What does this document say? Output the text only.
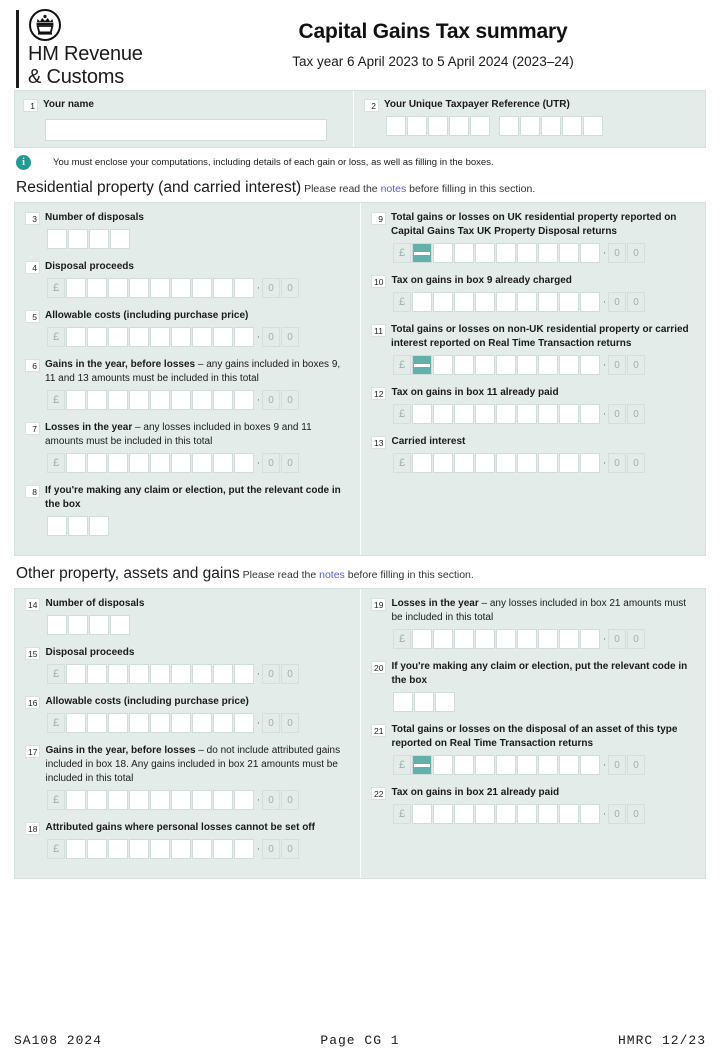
HM Revenue
& Customs
Capital Gains Tax summary
Tax year 6 April 2023 to 5 April 2024 (2023–24)
1 Your name	2 Your Unique Taxpayer Reference (UTR)
i	You must enclose your computations, including details of each gain or loss, as well as filling in the boxes.
Residential property (and carried interest) Please read the notes before filling in this section.
3 Number of disposals
4 Disposal proceeds
£	· 0	0
5 Allowable costs (including purchase price)
£	· 0	0
6 Gains in the year, before losses – any gains included in boxes 9, 11 and 13 amounts must be included in this total
£	· 0	0
7 Losses in the year – any losses included in boxes 9 and 11 amounts must be included in this total
£	· 0	0
8 If you're making any claim or election, put the relevant code in the box
9 Total gains or losses on UK residential property reported on Capital Gains Tax UK Property Disposal returns
£	· 0	0
10 Tax on gains in box 9 already charged
£	· 0	0
11 Total gains or losses on non-UK residential property or carried interest reported on Real Time Transaction returns
£	· 0	0
12 Tax on gains in box 11 already paid
£	· 0	0
13 Carried interest
£	· 0	0
Other property, assets and gains Please read the notes before filling in this section.
14 Number of disposals
15 Disposal proceeds
£	· 0	0
16 Allowable costs (including purchase price)
£	· 0	0
17 Gains in the year, before losses – do not include attributed gains included in box 18. Any gains included in box 21 amounts must be included in this total
£	· 0	0
18 Attributed gains where personal losses cannot be set off
£	· 0	0
19 Losses in the year – any losses included in box 21 amounts must be included in this total
£	· 0	0
20 If you're making any claim or election, put the relevant code in the box
21 Total gains or losses on the disposal of an asset of this type reported on Real Time Transaction returns
£	· 0	0
22 Tax on gains in box 21 already paid
£	· 0	0
SA108 2024	Page CG 1	HMRC 12/23
